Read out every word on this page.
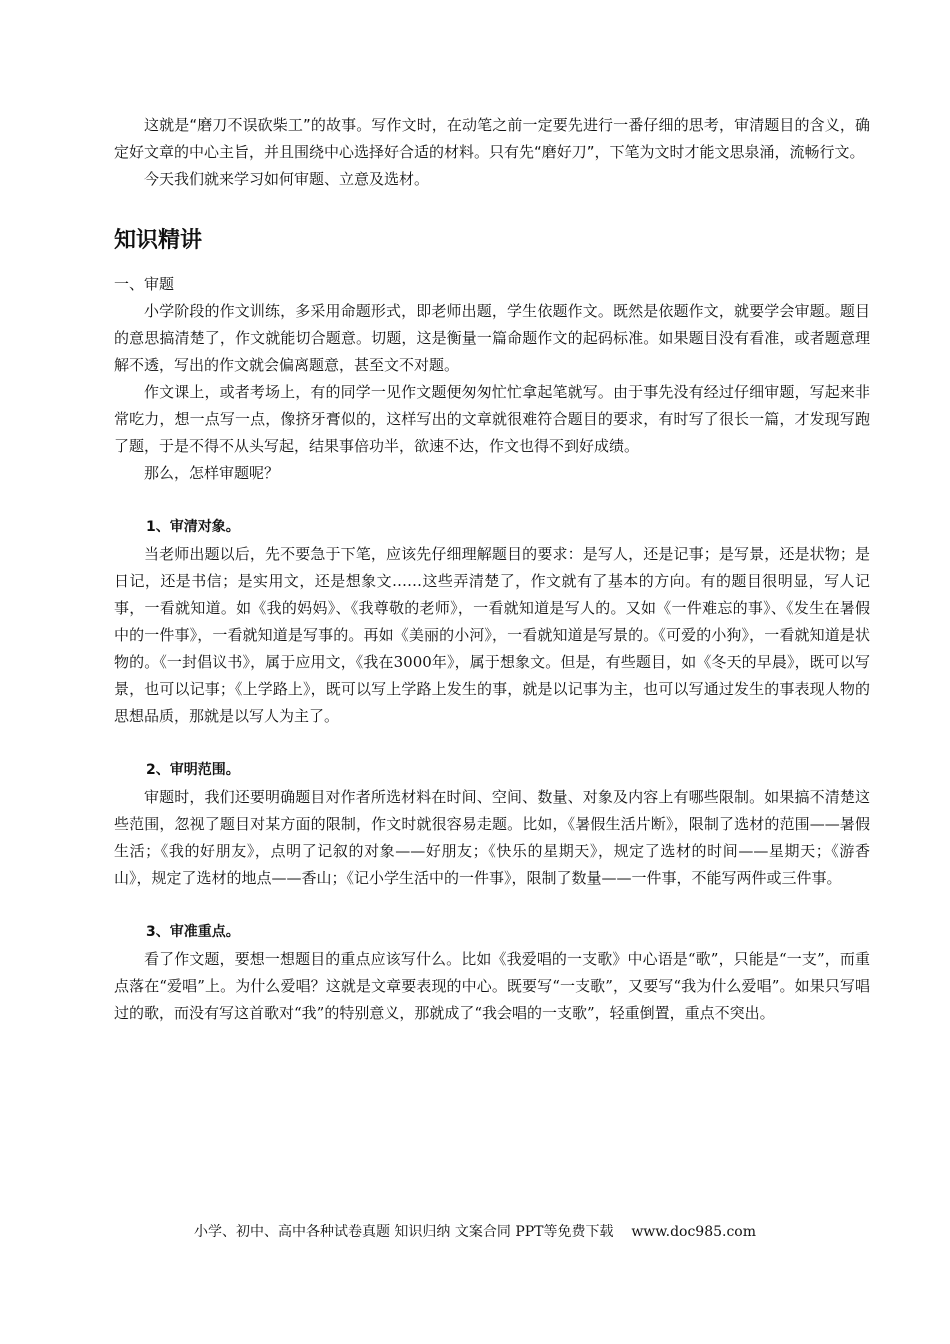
这就是“磨刀不误砍柴工”的故事。写作文时，在动笔之前一定要先进行一番仔细的思考，审清题目的含义，确定好文章的中心主旨，并且围绕中心选择好合适的材料。只有先“磨好刀”，下笔为文时才能文思泉涌，流畅行文。

今天我们就来学习如何审题、立意及选材。

知识精讲

一、审题

小学阶段的作文训练，多采用命题形式，即老师出题，学生依题作文。既然是依题作文，就要学会审题。题目的意思搞清楚了，作文就能切合题意。切题，这是衡量一篇命题作文的起码标准。如果题目没有看准，或者题意理解不透，写出的作文就会偏离题意，甚至文不对题。

作文课上，或者考场上，有的同学一见作文题便匆匆忙忙拿起笔就写。由于事先没有经过仔细审题，写起来非常吃力，想一点写一点，像挤牙膏似的，这样写出的文章就很难符合题目的要求，有时写了很长一篇，才发现写跑了题，于是不得不从头写起，结果事倍功半，欲速不达，作文也得不到好成绩。

那么，怎样审题呢？

1、审清对象。

当老师出题以后，先不要急于下笔，应该先仔细理解题目的要求：是写人，还是记事；是写景，还是状物；是日记，还是书信；是实用文，还是想象文……这些弄清楚了，作文就有了基本的方向。有的题目很明显，写人记事，一看就知道。如《我的妈妈》、《我尊敬的老师》，一看就知道是写人的。又如《一件难忘的事》、《发生在暑假中的一件事》，一看就知道是写事的。再如《美丽的小河》，一看就知道是写景的。《可爱的小狗》，一看就知道是状物的。《一封倡议书》，属于应用文，《我在3000年》，属于想象文。但是，有些题目，如《冬天的早晨》，既可以写景，也可以记事；《上学路上》，既可以写上学路上发生的事，就是以记事为主，也可以写通过发生的事表现人物的思想品质，那就是以写人为主了。

2、审明范围。

审题时，我们还要明确题目对作者所选材料在时间、空间、数量、对象及内容上有哪些限制。如果搞不清楚这些范围，忽视了题目对某方面的限制，作文时就很容易走题。比如，《暑假生活片断》，限制了选材的范围——暑假生活；《我的好朋友》，点明了记叙的对象——好朋友；《快乐的星期天》，规定了选材的时间——星期天；《游香山》，规定了选材的地点——香山；《记小学生活中的一件事》，限制了数量——一件事，不能写两件或三件事。

3、审准重点。

看了作文题，要想一想题目的重点应该写什么。比如《我爱唱的一支歌》中心语是“歌”，只能是“一支”，而重点落在“爱唱”上。为什么爱唱？这就是文章要表现的中心。既要写“一支歌”，又要写“我为什么爱唱”。如果只写唱过的歌，而没有写这首歌对“我”的特别意义，那就成了“我会唱的一支歌”，轻重倒置，重点不突出。

小学、初中、高中各种试卷真题 知识归纳 文案合同 PPT等免费下载 www.doc985.com
